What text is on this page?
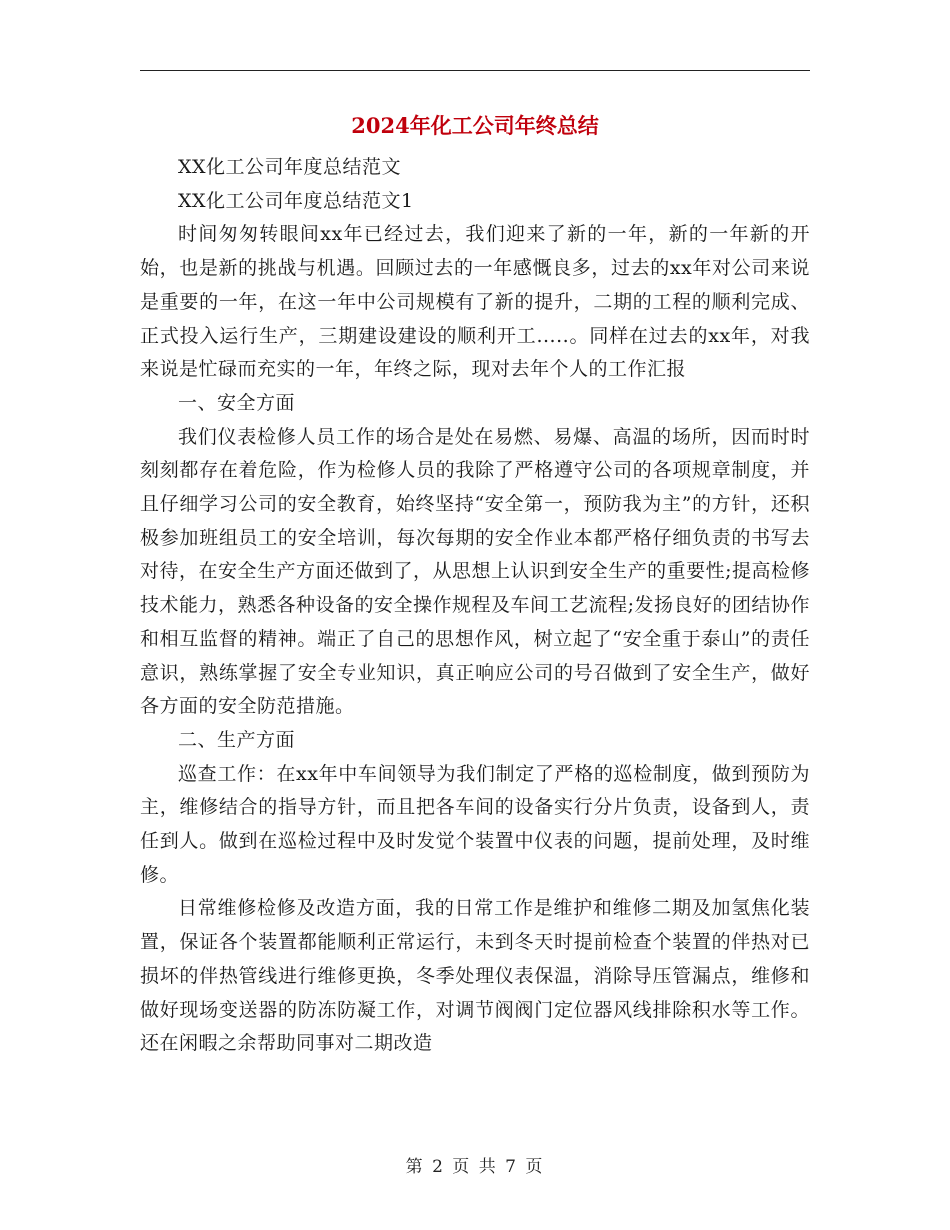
2024年化工公司年终总结

XX化工公司年度总结范文

XX化工公司年度总结范文1

时间匆匆转眼间xx年已经过去，我们迎来了新的一年，新的一年新的开始，也是新的挑战与机遇。回顾过去的一年感慨良多，过去的xx年对公司来说是重要的一年，在这一年中公司规模有了新的提升，二期的工程的顺利完成、正式投入运行生产，三期建设建设的顺利开工.....。同样在过去的xx年，对我来说是忙碌而充实的一年，年终之际，现对去年个人的工作汇报

一、安全方面

我们仪表检修人员工作的场合是处在易燃、易爆、高温的场所，因而时时刻刻都存在着危险，作为检修人员的我除了严格遵守公司的各项规章制度，并且仔细学习公司的安全教育，始终坚持“安全第一，预防我为主”的方针，还积极参加班组员工的安全培训，每次每期的安全作业本都严格仔细负责的书写去对待，在安全生产方面还做到了，从思想上认识到安全生产的重要性;提高检修技术能力，熟悉各种设备的安全操作规程及车间工艺流程;发扬良好的团结协作和相互监督的精神。端正了自己的思想作风，树立起了“安全重于泰山”的责任意识，熟练掌握了安全专业知识，真正响应公司的号召做到了安全生产，做好各方面的安全防范措施。

二、生产方面

巡查工作：在xx年中车间领导为我们制定了严格的巡检制度，做到预防为主，维修结合的指导方针，而且把各车间的设备实行分片负责，设备到人，责任到人。做到在巡检过程中及时发觉个装置中仪表的问题，提前处理，及时维修。

日常维修检修及改造方面，我的日常工作是维护和维修二期及加氢焦化装置，保证各个装置都能顺利正常运行，未到冬天时提前检查个装置的伴热对已损坏的伴热管线进行维修更换，冬季处理仪表保温，消除导压管漏点，维修和做好现场变送器的防冻防凝工作，对调节阀阀门定位器风线排除积水等工作。还在闲暇之余帮助同事对二期改造

第 2 页 共 7 页
